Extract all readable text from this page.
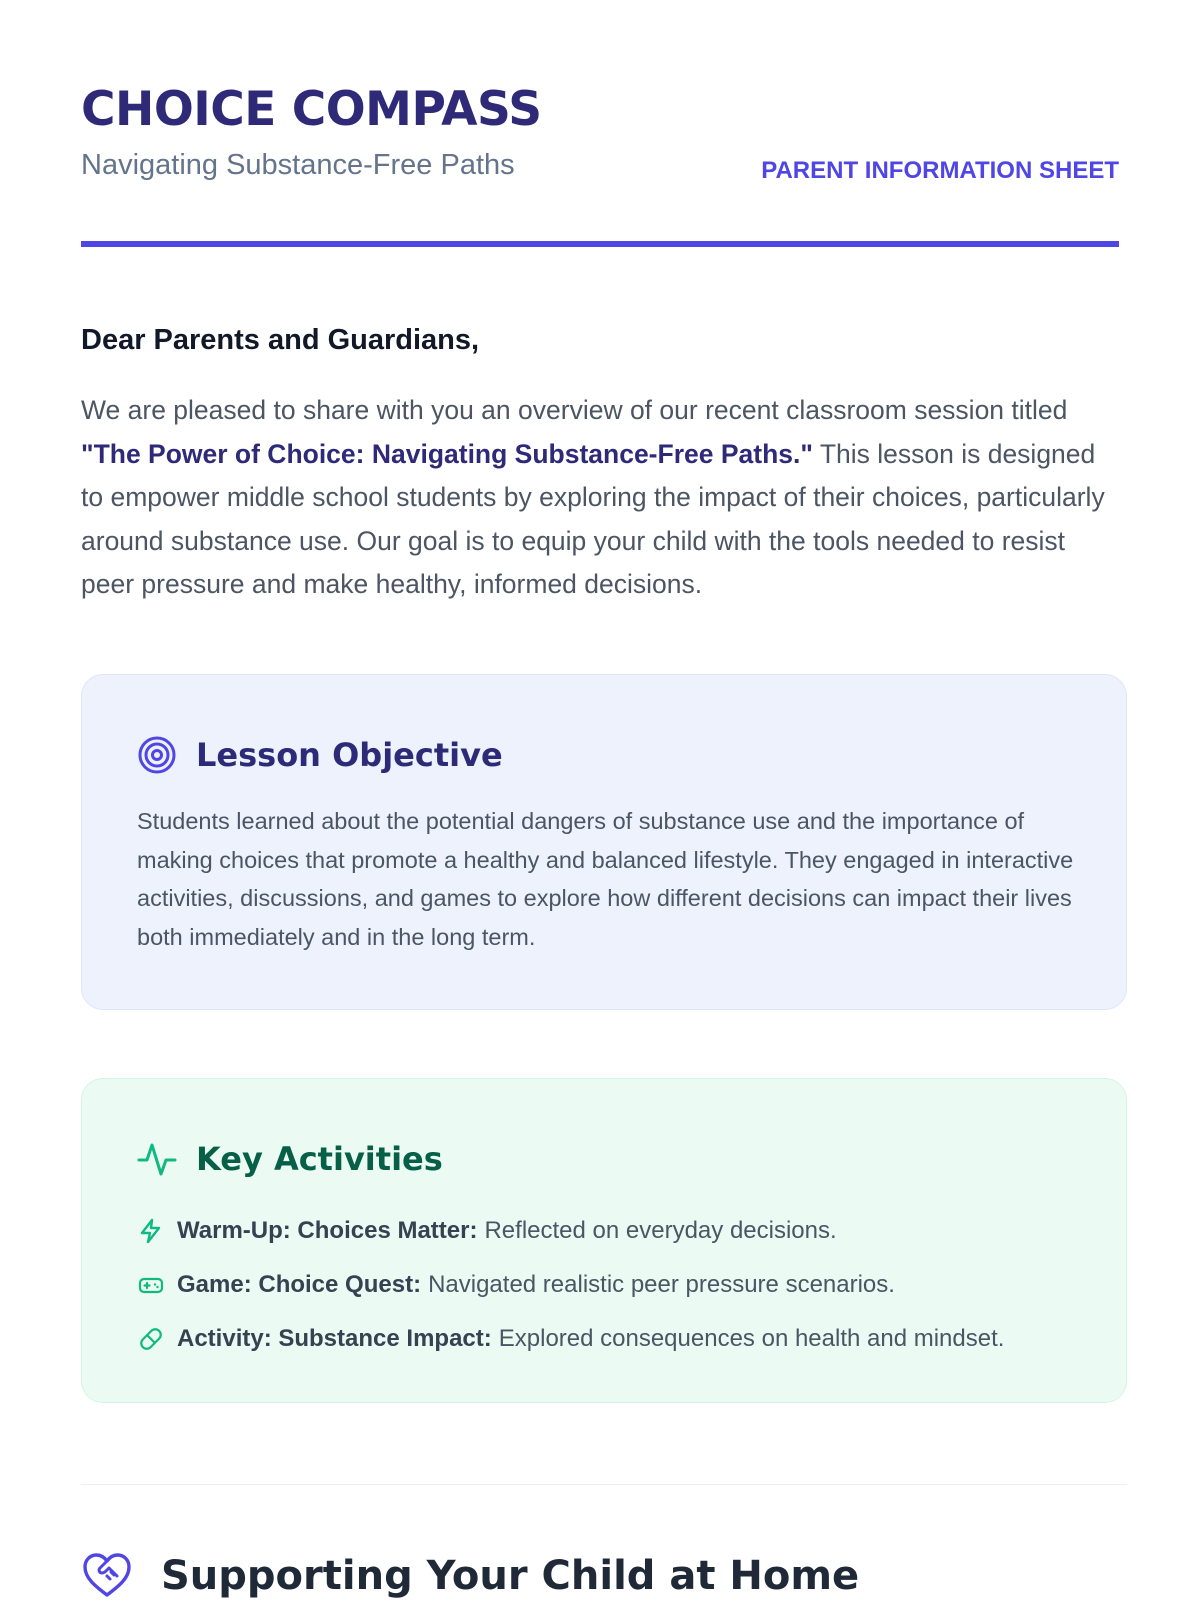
CHOICE COMPASS

Navigating Substance-Free Paths	PARENT INFORMATION SHEET

Dear Parents and Guardians,

We are pleased to share with you an overview of our recent classroom session titled "The Power of Choice: Navigating Substance-Free Paths." This lesson is designed to empower middle school students by exploring the impact of their choices, particularly around substance use. Our goal is to equip your child with the tools needed to resist peer pressure and make healthy, informed decisions.

Lesson Objective

Students learned about the potential dangers of substance use and the importance of making choices that promote a healthy and balanced lifestyle. They engaged in interactive activities, discussions, and games to explore how different decisions can impact their lives both immediately and in the long term.

Key Activities
Warm-Up: Choices Matter: Reflected on everyday decisions.
Game: Choice Quest: Navigated realistic peer pressure scenarios.
Activity: Substance Impact: Explored consequences on health and mindset.
Supporting Your Child at Home
